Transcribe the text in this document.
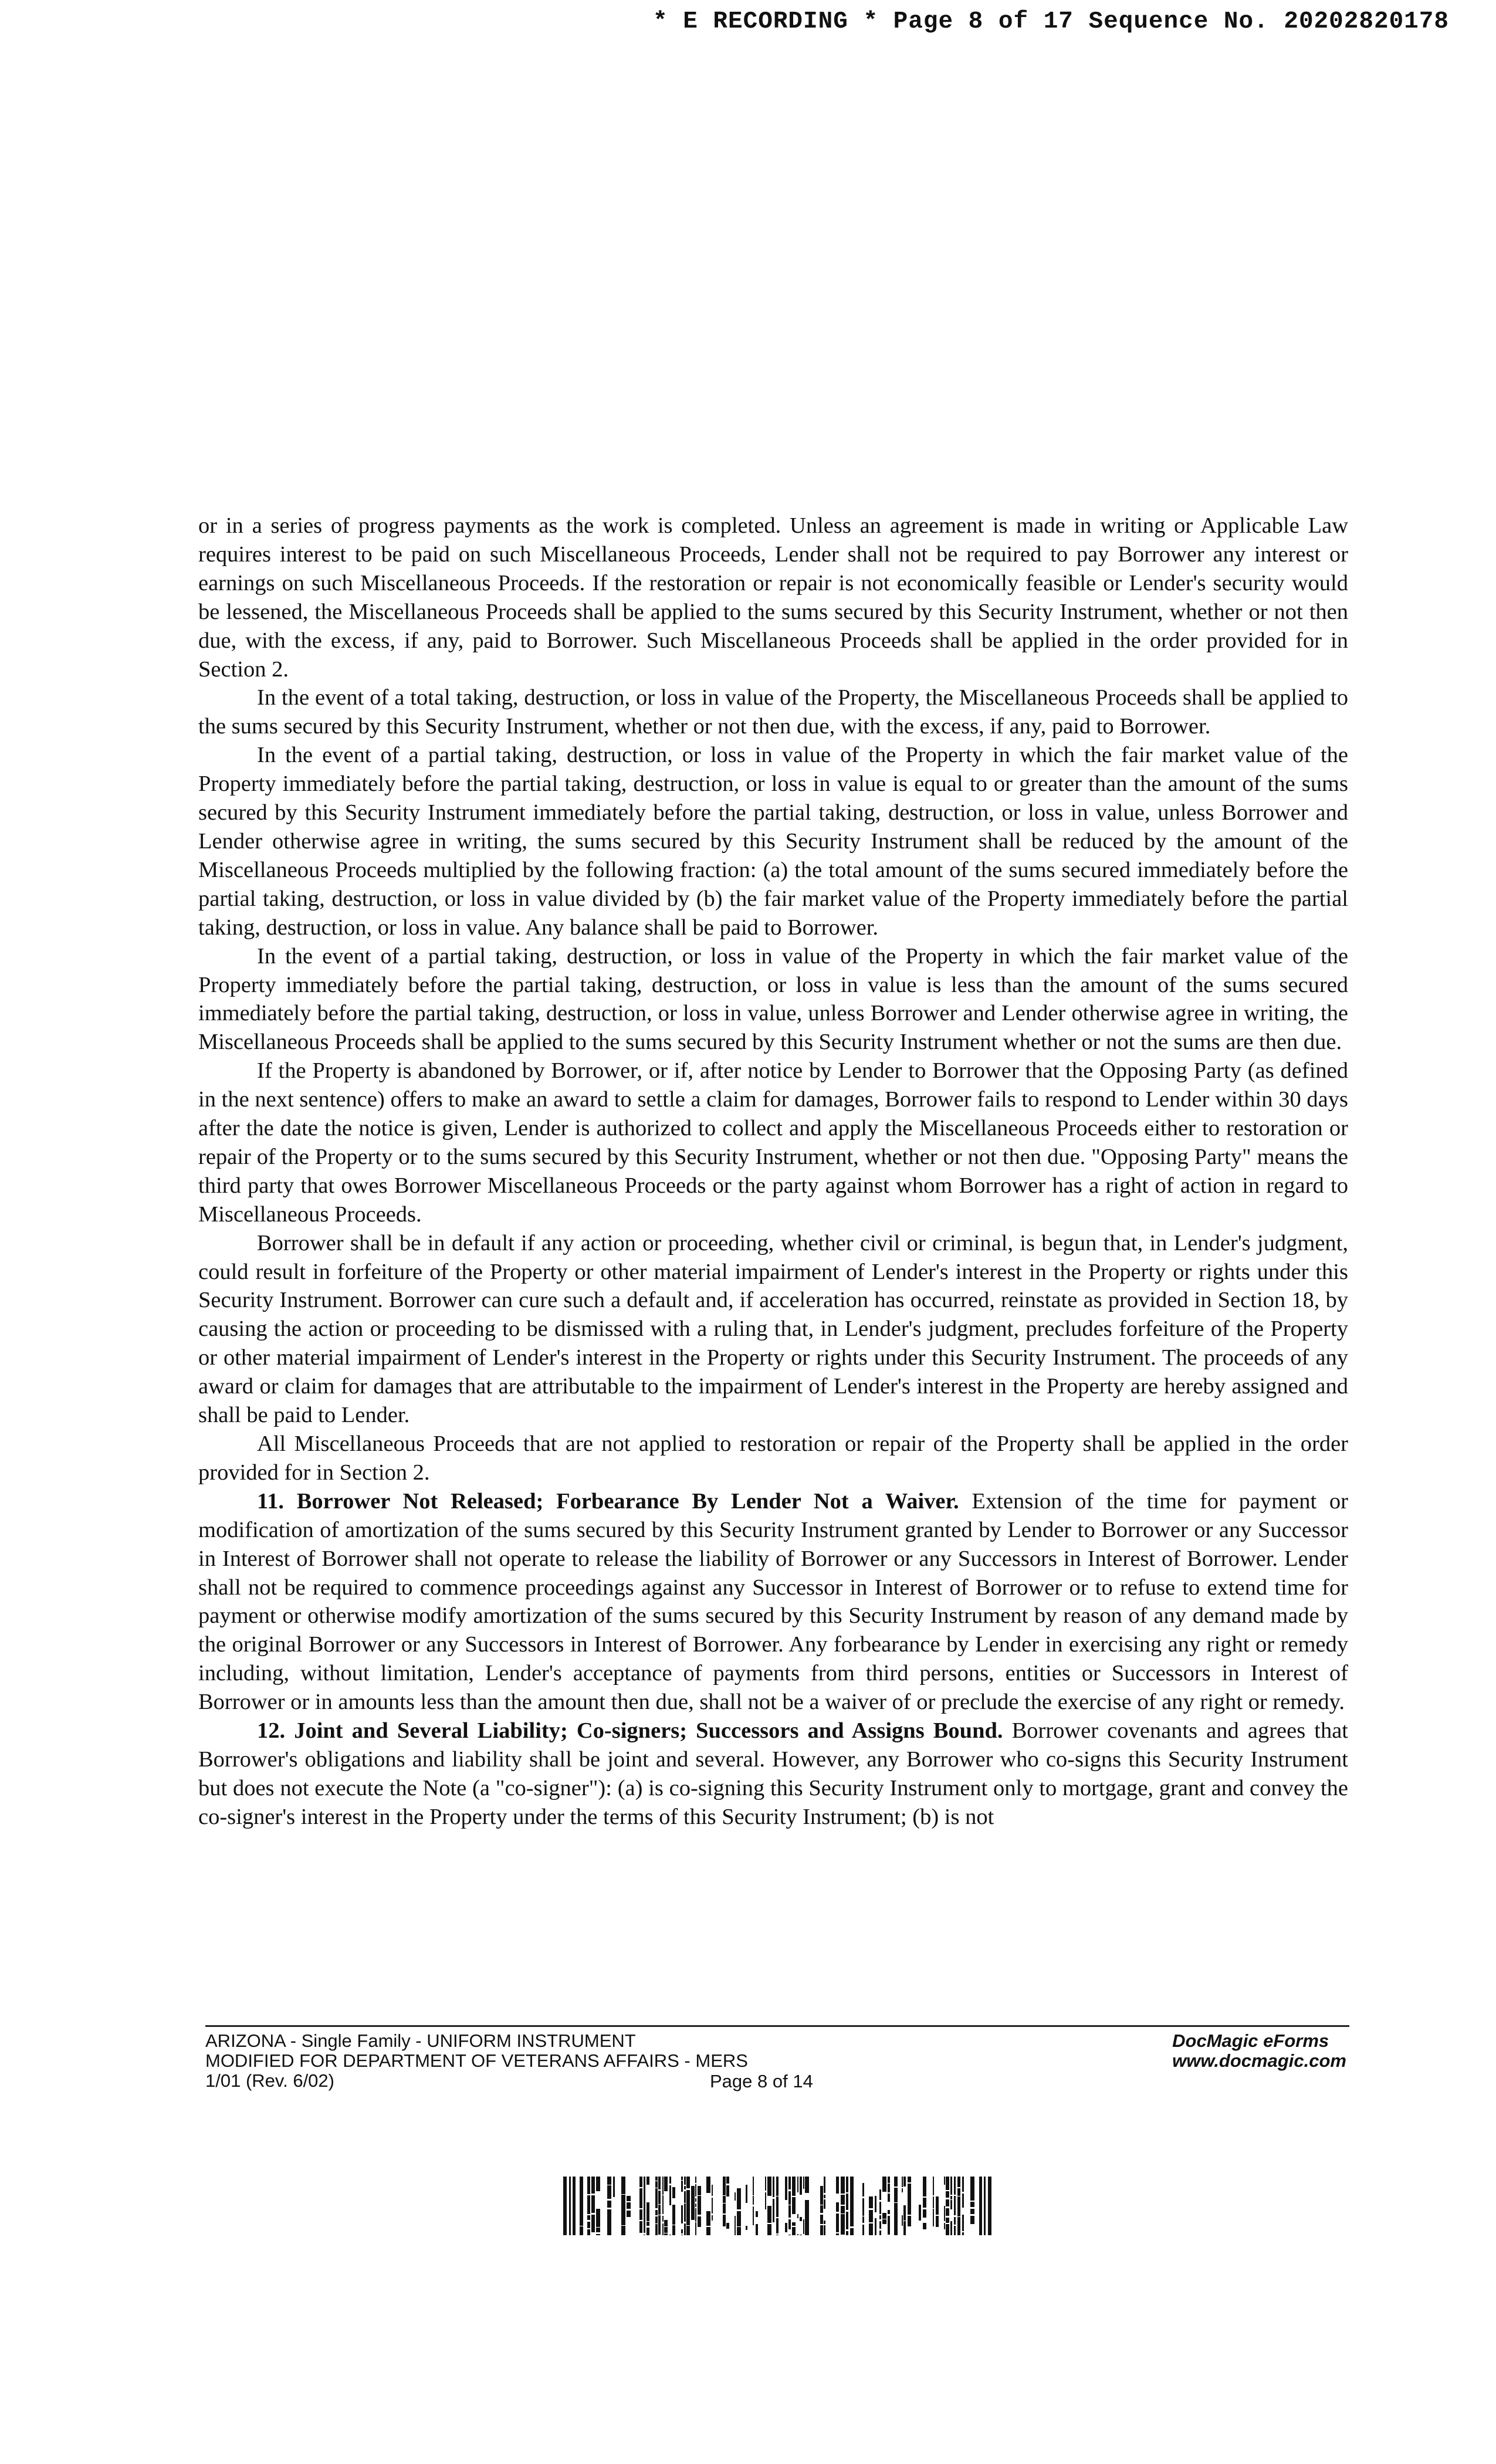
* E RECORDING * Page 8 of 17 Sequence No. 20202820178

or in a series of progress payments as the work is completed. Unless an agreement is made in writing or Applicable Law requires interest to be paid on such Miscellaneous Proceeds, Lender shall not be required to pay Borrower any interest or earnings on such Miscellaneous Proceeds. If the restoration or repair is not economically feasible or Lender's security would be lessened, the Miscellaneous Proceeds shall be applied to the sums secured by this Security Instrument, whether or not then due, with the excess, if any, paid to Borrower. Such Miscellaneous Proceeds shall be applied in the order provided for in Section 2.

In the event of a total taking, destruction, or loss in value of the Property, the Miscellaneous Proceeds shall be applied to the sums secured by this Security Instrument, whether or not then due, with the excess, if any, paid to Borrower.

In the event of a partial taking, destruction, or loss in value of the Property in which the fair market value of the Property immediately before the partial taking, destruction, or loss in value is equal to or greater than the amount of the sums secured by this Security Instrument immediately before the partial taking, destruction, or loss in value, unless Borrower and Lender otherwise agree in writing, the sums secured by this Security Instrument shall be reduced by the amount of the Miscellaneous Proceeds multiplied by the following fraction: (a) the total amount of the sums secured immediately before the partial taking, destruction, or loss in value divided by (b) the fair market value of the Property immediately before the partial taking, destruction, or loss in value. Any balance shall be paid to Borrower.

In the event of a partial taking, destruction, or loss in value of the Property in which the fair market value of the Property immediately before the partial taking, destruction, or loss in value is less than the amount of the sums secured immediately before the partial taking, destruction, or loss in value, unless Borrower and Lender otherwise agree in writing, the Miscellaneous Proceeds shall be applied to the sums secured by this Security Instrument whether or not the sums are then due.

If the Property is abandoned by Borrower, or if, after notice by Lender to Borrower that the Opposing Party (as defined in the next sentence) offers to make an award to settle a claim for damages, Borrower fails to respond to Lender within 30 days after the date the notice is given, Lender is authorized to collect and apply the Miscellaneous Proceeds either to restoration or repair of the Property or to the sums secured by this Security Instrument, whether or not then due. "Opposing Party" means the third party that owes Borrower Miscellaneous Proceeds or the party against whom Borrower has a right of action in regard to Miscellaneous Proceeds.

Borrower shall be in default if any action or proceeding, whether civil or criminal, is begun that, in Lender's judgment, could result in forfeiture of the Property or other material impairment of Lender's interest in the Property or rights under this Security Instrument. Borrower can cure such a default and, if acceleration has occurred, reinstate as provided in Section 18, by causing the action or proceeding to be dismissed with a ruling that, in Lender's judgment, precludes forfeiture of the Property or other material impairment of Lender's interest in the Property or rights under this Security Instrument. The proceeds of any award or claim for damages that are attributable to the impairment of Lender's interest in the Property are hereby assigned and shall be paid to Lender.

All Miscellaneous Proceeds that are not applied to restoration or repair of the Property shall be applied in the order provided for in Section 2.

11. Borrower Not Released; Forbearance By Lender Not a Waiver. Extension of the time for payment or modification of amortization of the sums secured by this Security Instrument granted by Lender to Borrower or any Successor in Interest of Borrower shall not operate to release the liability of Borrower or any Successors in Interest of Borrower. Lender shall not be required to commence proceedings against any Successor in Interest of Borrower or to refuse to extend time for payment or otherwise modify amortization of the sums secured by this Security Instrument by reason of any demand made by the original Borrower or any Successors in Interest of Borrower. Any forbearance by Lender in exercising any right or remedy including, without limitation, Lender's acceptance of payments from third persons, entities or Successors in Interest of Borrower or in amounts less than the amount then due, shall not be a waiver of or preclude the exercise of any right or remedy.

12. Joint and Several Liability; Co-signers; Successors and Assigns Bound. Borrower covenants and agrees that Borrower's obligations and liability shall be joint and several. However, any Borrower who co-signs this Security Instrument but does not execute the Note (a "co-signer"): (a) is co-signing this Security Instrument only to mortgage, grant and convey the co-signer's interest in the Property under the terms of this Security Instrument; (b) is not

ARIZONA - Single Family - UNIFORM INSTRUMENT
MODIFIED FOR DEPARTMENT OF VETERANS AFFAIRS - MERS
1/01 (Rev. 6/02)	Page 8 of 14
DocMagic eForms
www.docmagic.com
